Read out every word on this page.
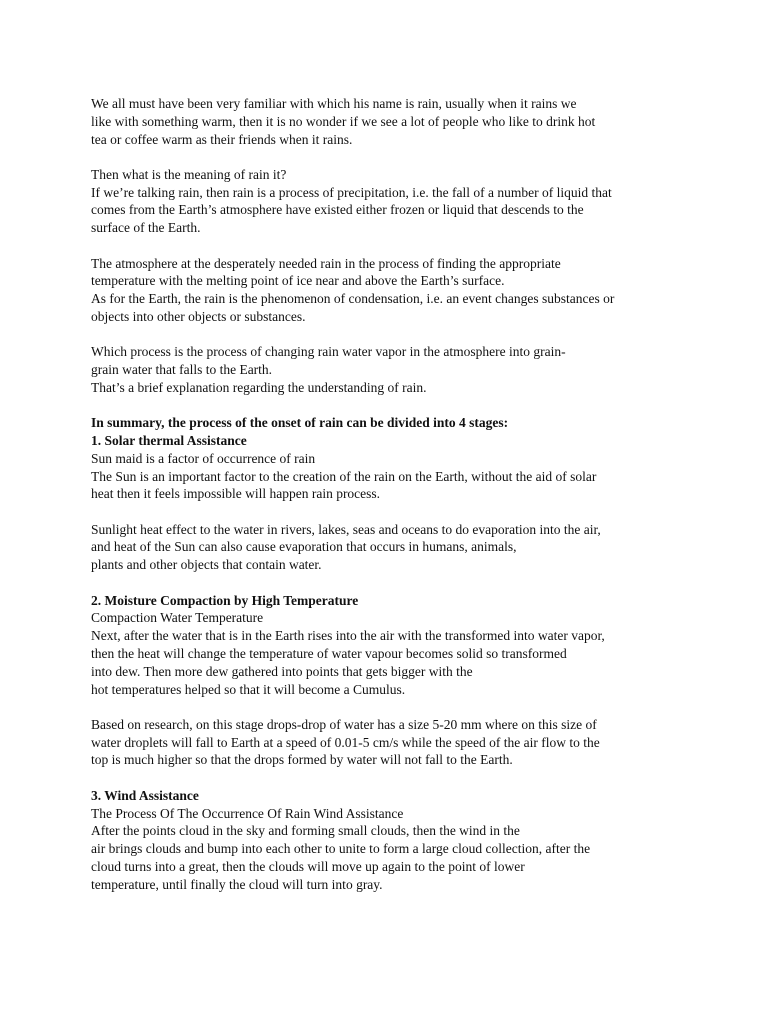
We all must have been very familiar with which his name is rain, usually when it rains we
like with something warm, then it is no wonder if we see a lot of people who like to drink hot
tea or coffee warm as their friends when it rains.
Then what is the meaning of rain it?
If we’re talking rain, then rain is a process of precipitation, i.e. the fall of a number of liquid that
comes from the Earth’s atmosphere have existed either frozen or liquid that descends to the
surface of the Earth.
The atmosphere at the desperately needed rain in the process of finding the appropriate
temperature with the melting point of ice near and above the Earth’s surface.
As for the Earth, the rain is the phenomenon of condensation, i.e. an event changes substances or
objects into other objects or substances.
Which process is the process of changing rain water vapor in the atmosphere into grain-
grain water that falls to the Earth.
That’s a brief explanation regarding the understanding of rain.
In summary, the process of the onset of rain can be divided into 4 stages:
1. Solar thermal Assistance
Sun maid is a factor of occurrence of rain
The Sun is an important factor to the creation of the rain on the Earth, without the aid of solar
heat then it feels impossible will happen rain process.
Sunlight heat effect to the water in rivers, lakes, seas and oceans to do evaporation into the air,
and heat of the Sun can also cause evaporation that occurs in humans, animals,
plants and other objects that contain water.
2. Moisture Compaction by High Temperature
Compaction Water Temperature
Next, after the water that is in the Earth rises into the air with the transformed into water vapor,
then the heat will change the temperature of water vapour becomes solid so transformed
into dew. Then more dew gathered into points that gets bigger with the
hot temperatures helped so that it will become a Cumulus.
Based on research, on this stage drops-drop of water has a size 5-20 mm where on this size of
water droplets will fall to Earth at a speed of 0.01-5 cm/s while the speed of the air flow to the
top is much higher so that the drops formed by water will not fall to the Earth.
3. Wind Assistance
The Process Of The Occurrence Of Rain Wind Assistance
After the points cloud in the sky and forming small clouds, then the wind in the
air brings clouds and bump into each other to unite to form a large cloud collection, after the
cloud turns into a great, then the clouds will move up again to the point of lower
temperature, until finally the cloud will turn into gray.
